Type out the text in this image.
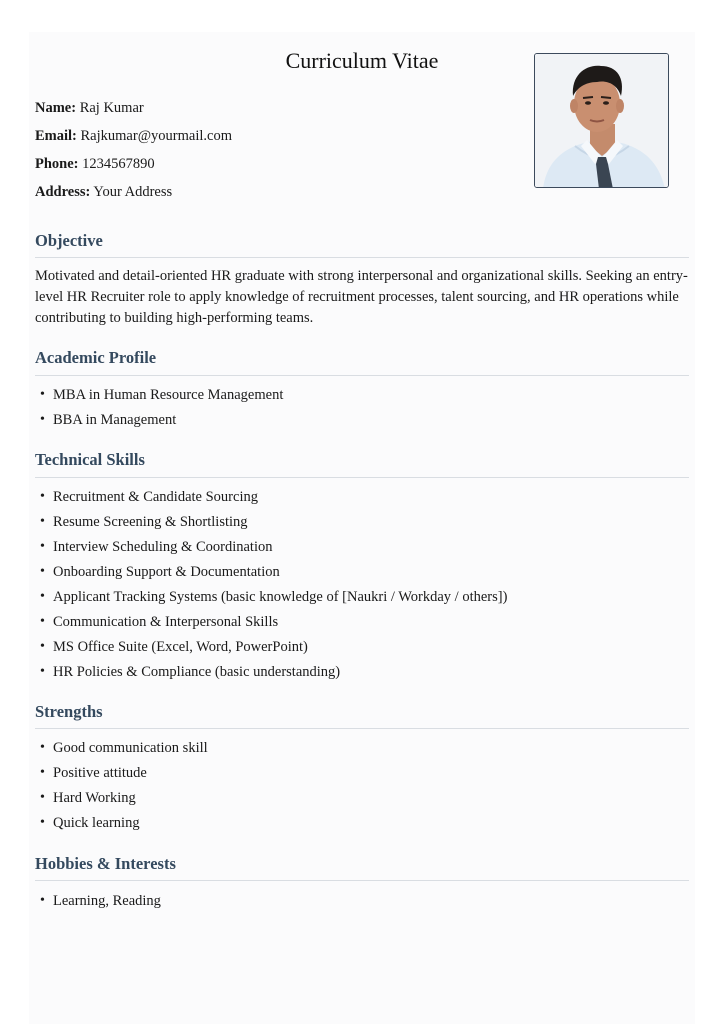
Curriculum Vitae
Name: Raj Kumar
Email: Rajkumar@yourmail.com
Phone: 1234567890
Address: Your Address
Objective
Motivated and detail-oriented HR graduate with strong interpersonal and organizational skills. Seeking an entry-level HR Recruiter role to apply knowledge of recruitment processes, talent sourcing, and HR operations while contributing to building high-performing teams.
Academic Profile
• MBA in Human Resource Management
• BBA in Management
Technical Skills
• Recruitment & Candidate Sourcing
• Resume Screening & Shortlisting
• Interview Scheduling & Coordination
• Onboarding Support & Documentation
• Applicant Tracking Systems (basic knowledge of [Naukri / Workday / others])
• Communication & Interpersonal Skills
• MS Office Suite (Excel, Word, PowerPoint)
• HR Policies & Compliance (basic understanding)
Strengths
• Good communication skill
• Positive attitude
• Hard Working
• Quick learning
Hobbies & Interests
• Learning, Reading
